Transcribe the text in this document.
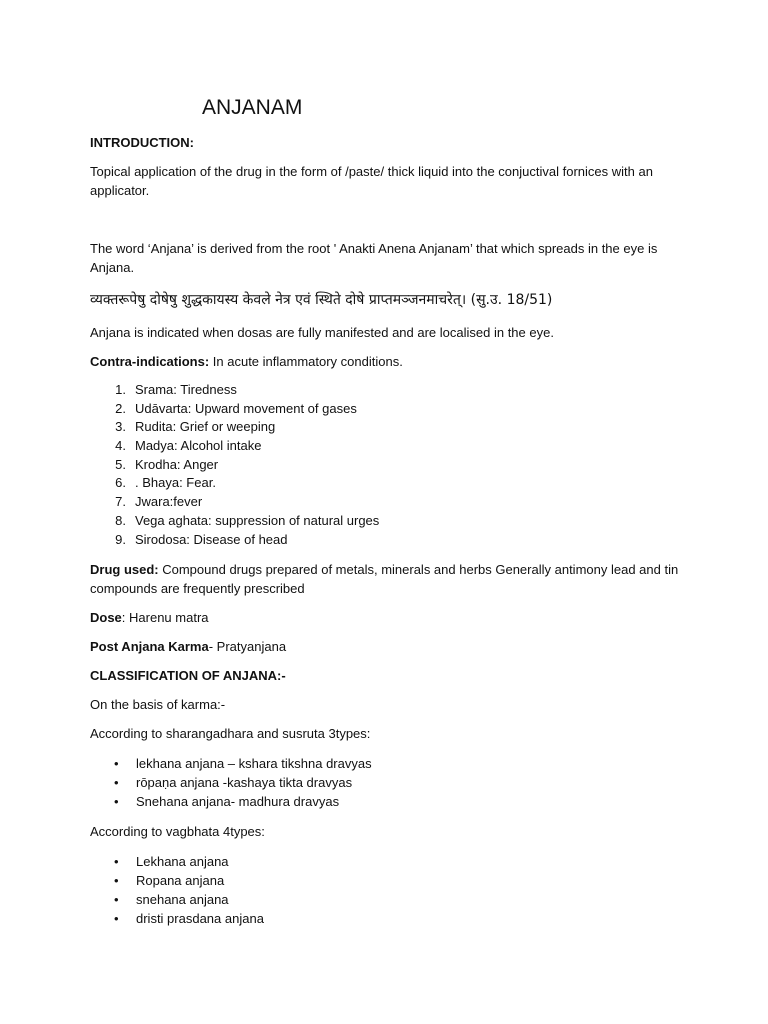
ANJANAM

INTRODUCTION:

Topical application of the drug in the form of /paste/ thick liquid into the conjuctival fornices with an applicator.

The word ‘Anjana’ is derived from the root ' Anakti Anena Anjanam’ that which spreads in the eye is Anjana.

व्यक्तरूपेषु दोषेषु शुद्धकायस्य केवले नेत्र एवं स्थिते दोषे प्राप्तमञ्जनमाचरेत्। (सु.उ. 18/51)

Anjana is indicated when dosas are fully manifested and are localised in the eye.

Contra-indications: In acute inflammatory conditions.

1. Srama: Tiredness
2. Udāvarta: Upward movement of gases
3. Rudita: Grief or weeping
4. Madya: Alcohol intake
5. Krodha: Anger
6. . Bhaya: Fear.
7. Jwara:fever
8. Vega aghata: suppression of natural urges
9. Sirodosa: Disease of head

Drug used: Compound drugs prepared of metals, minerals and herbs Generally antimony lead and tin compounds are frequently prescribed

Dose: Harenu matra

Post Anjana Karma- Pratyanjana

CLASSIFICATION OF ANJANA:-

On the basis of karma:-

According to sharangadhara and susruta 3types:

• lekhana anjana – kshara tikshna dravyas
• rōpaṇa anjana -kashaya tikta dravyas
• Snehana anjana- madhura dravyas

According to vagbhata 4types:

• Lekhana anjana
• Ropana anjana
• snehana anjana
• dristi prasdana anjana
